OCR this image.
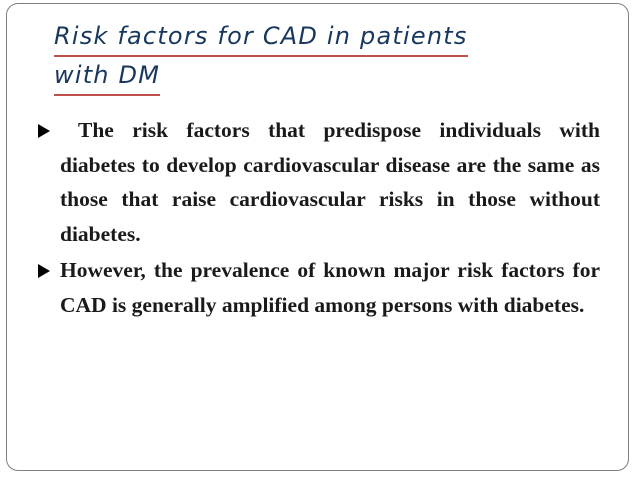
Risk factors for CAD in patients
with DM
The risk factors that predispose individuals with diabetes to develop cardiovascular disease are the same as those that raise cardiovascular risks in those without diabetes.
However, the prevalence of known major risk factors for CAD is generally amplified among persons with diabetes.
